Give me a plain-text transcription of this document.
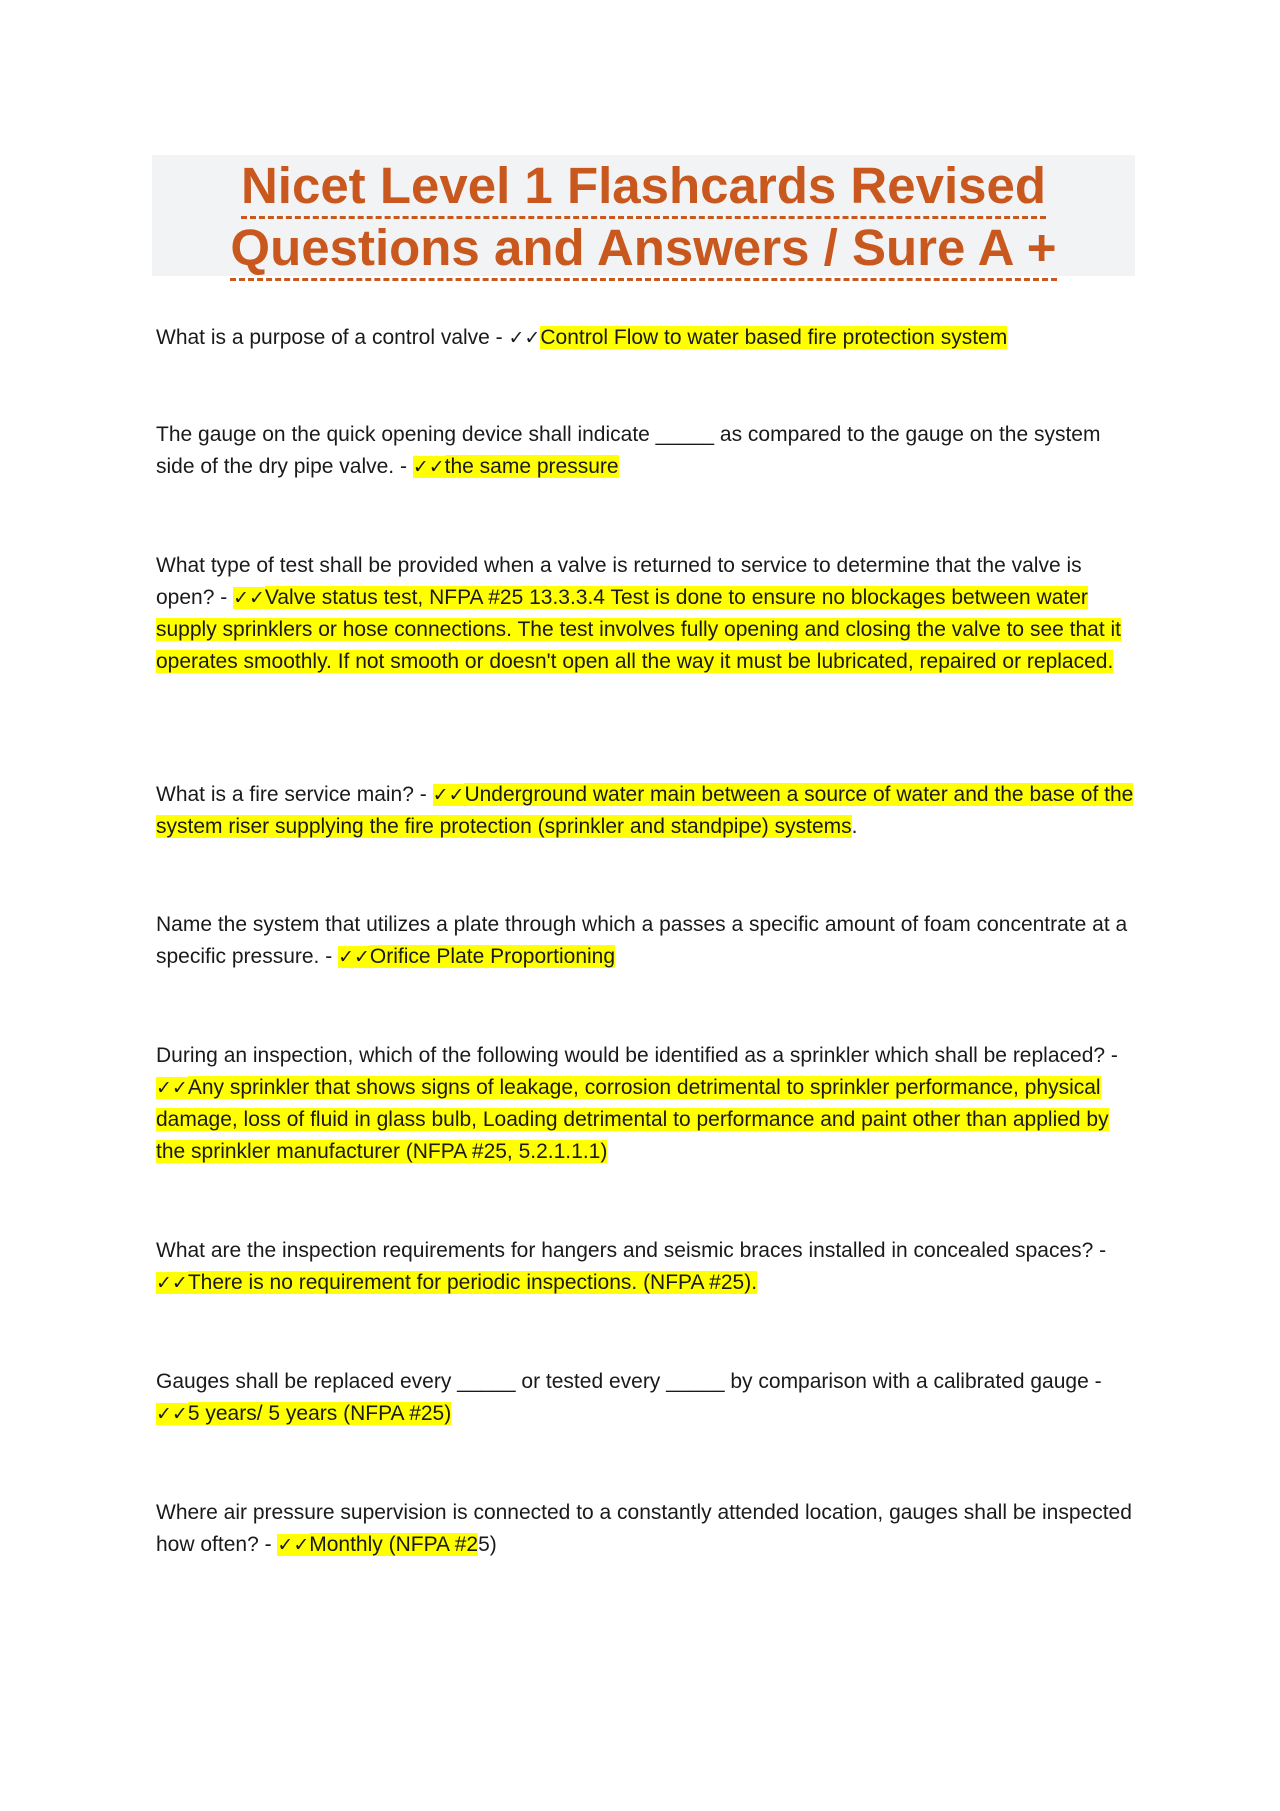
Nicet Level 1 Flashcards Revised
Questions and Answers / Sure A +

What is a purpose of a control valve - ✓✓Control Flow to water based fire protection system

The gauge on the quick opening device shall indicate _____ as compared to the gauge on the system side of the dry pipe valve. - ✓✓the same pressure

What type of test shall be provided when a valve is returned to service to determine that the valve is open? - ✓✓Valve status test, NFPA #25 13.3.3.4 Test is done to ensure no blockages between water supply sprinklers or hose connections. The test involves fully opening and closing the valve to see that it operates smoothly. If not smooth or doesn't open all the way it must be lubricated, repaired or replaced.

What is a fire service main? - ✓✓Underground water main between a source of water and the base of the system riser supplying the fire protection (sprinkler and standpipe) systems.

Name the system that utilizes a plate through which a passes a specific amount of foam concentrate at a specific pressure. - ✓✓Orifice Plate Proportioning

During an inspection, which of the following would be identified as a sprinkler which shall be replaced? - ✓✓Any sprinkler that shows signs of leakage, corrosion detrimental to sprinkler performance, physical damage, loss of fluid in glass bulb, Loading detrimental to performance and paint other than applied by the sprinkler manufacturer (NFPA #25, 5.2.1.1.1)

What are the inspection requirements for hangers and seismic braces installed in concealed spaces? - ✓✓There is no requirement for periodic inspections. (NFPA #25).

Gauges shall be replaced every _____ or tested every _____ by comparison with a calibrated gauge - ✓✓5 years/ 5 years (NFPA #25)

Where air pressure supervision is connected to a constantly attended location, gauges shall be inspected how often? - ✓✓Monthly (NFPA #25)
